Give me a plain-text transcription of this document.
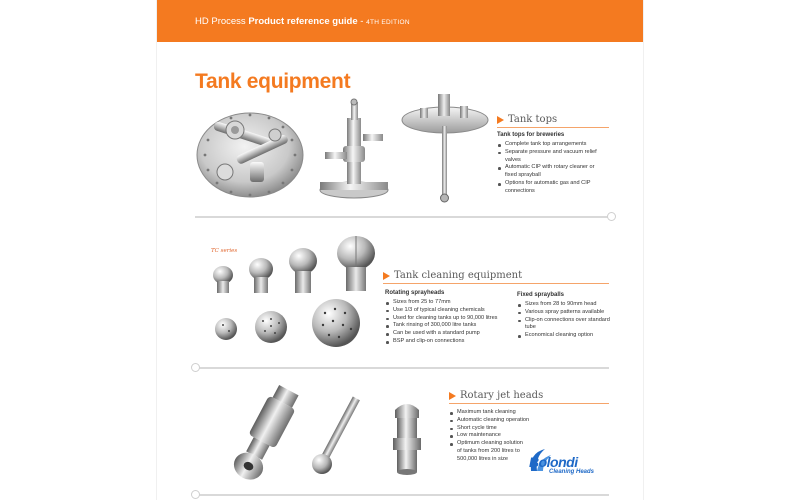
HD Process Product reference guide - 4TH EDITION
Tank equipment
Tank tops
Tank tops for breweries
Complete tank top arrangements
Separate pressure and vacuum relief valves
Automatic CIP with rotary cleaner or fixed sprayball
Options for automatic gas and CIP connections
TC series
Tank cleaning equipment
Rotating sprayheads
Sizes from 25 to 77mm
Use 1/3 of typical cleaning chemicals
Used for cleaning tanks up to 90,000 litres
Tank rinsing of 300,000 litre tanks
Can be used with a standard pump
BSP and clip-on connections
Fixed sprayballs
Sizes from 28 to 90mm head
Various spray patterns available
Clip-on connections over standard tube
Economical cleaning option
Rotary jet heads
Maximum tank cleaning
Automatic cleaning operation
Short cycle time
Low maintenance
Optimum cleaning solution of tanks from 200 litres to 500,000 litres in size	Bolondi
Cleaning Heads
